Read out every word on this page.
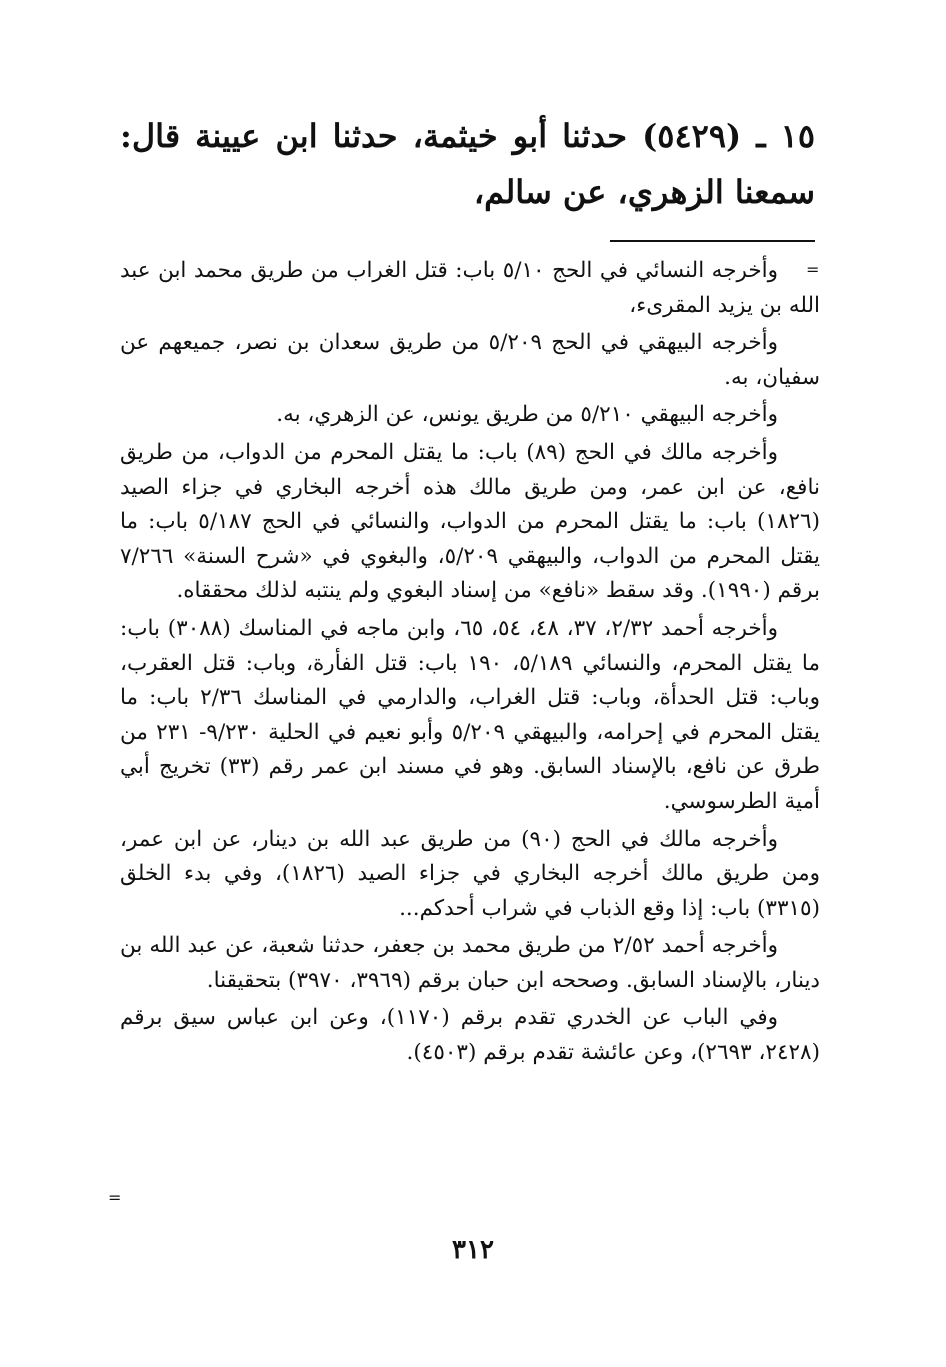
١٥ ـ (٥٤٢٩) حدثنا أبو خيثمة، حدثنا ابن عيينة قال: سمعنا الزهري، عن سالم،

=

وأخرجه النسائي في الحج ٥/١٠ باب: قتل الغراب من طريق محمد ابن عبد الله بن يزيد المقرىء،

وأخرجه البيهقي في الحج ٥/٢٠٩ من طريق سعدان بن نصر، جميعهم عن سفيان، به.

وأخرجه البيهقي ٥/٢١٠ من طريق يونس، عن الزهري، به.

وأخرجه مالك في الحج (٨٩) باب: ما يقتل المحرم من الدواب، من طريق نافع، عن ابن عمر، ومن طريق مالك هذه أخرجه البخاري في جزاء الصيد (١٨٢٦) باب: ما يقتل المحرم من الدواب، والنسائي في الحج ٥/١٨٧ باب: ما يقتل المحرم من الدواب، والبيهقي ٥/٢٠٩، والبغوي في «شرح السنة» ٧/٢٦٦ برقم (١٩٩٠). وقد سقط «نافع» من إسناد البغوي ولم ينتبه لذلك محققاه.

وأخرجه أحمد ٢/٣٢، ٣٧، ٤٨، ٥٤، ٦٥، وابن ماجه في المناسك (٣٠٨٨) باب: ما يقتل المحرم، والنسائي ٥/١٨٩، ١٩٠ باب: قتل الفأرة، وباب: قتل العقرب، وباب: قتل الحدأة، وباب: قتل الغراب، والدارمي في المناسك ٢/٣٦ باب: ما يقتل المحرم في إحرامه، والبيهقي ٥/٢٠٩ وأبو نعيم في الحلية ٩/٢٣٠- ٢٣١ من طرق عن نافع، بالإسناد السابق. وهو في مسند ابن عمر رقم (٣٣) تخريج أبي أمية الطرسوسي.

وأخرجه مالك في الحج (٩٠) من طريق عبد الله بن دينار، عن ابن عمر، ومن طريق مالك أخرجه البخاري في جزاء الصيد (١٨٢٦)، وفي بدء الخلق (٣٣١٥) باب: إذا وقع الذباب في شراب أحدكم...

وأخرجه أحمد ٢/٥٢ من طريق محمد بن جعفر، حدثنا شعبة، عن عبد الله بن دينار، بالإسناد السابق. وصححه ابن حبان برقم (٣٩٦٩، ٣٩٧٠) بتحقيقنا.

وفي الباب عن الخدري تقدم برقم (١١٧٠)، وعن ابن عباس سيق برقم (٢٤٢٨، ٢٦٩٣)، وعن عائشة تقدم برقم (٤٥٠٣).

=
٣١٢
